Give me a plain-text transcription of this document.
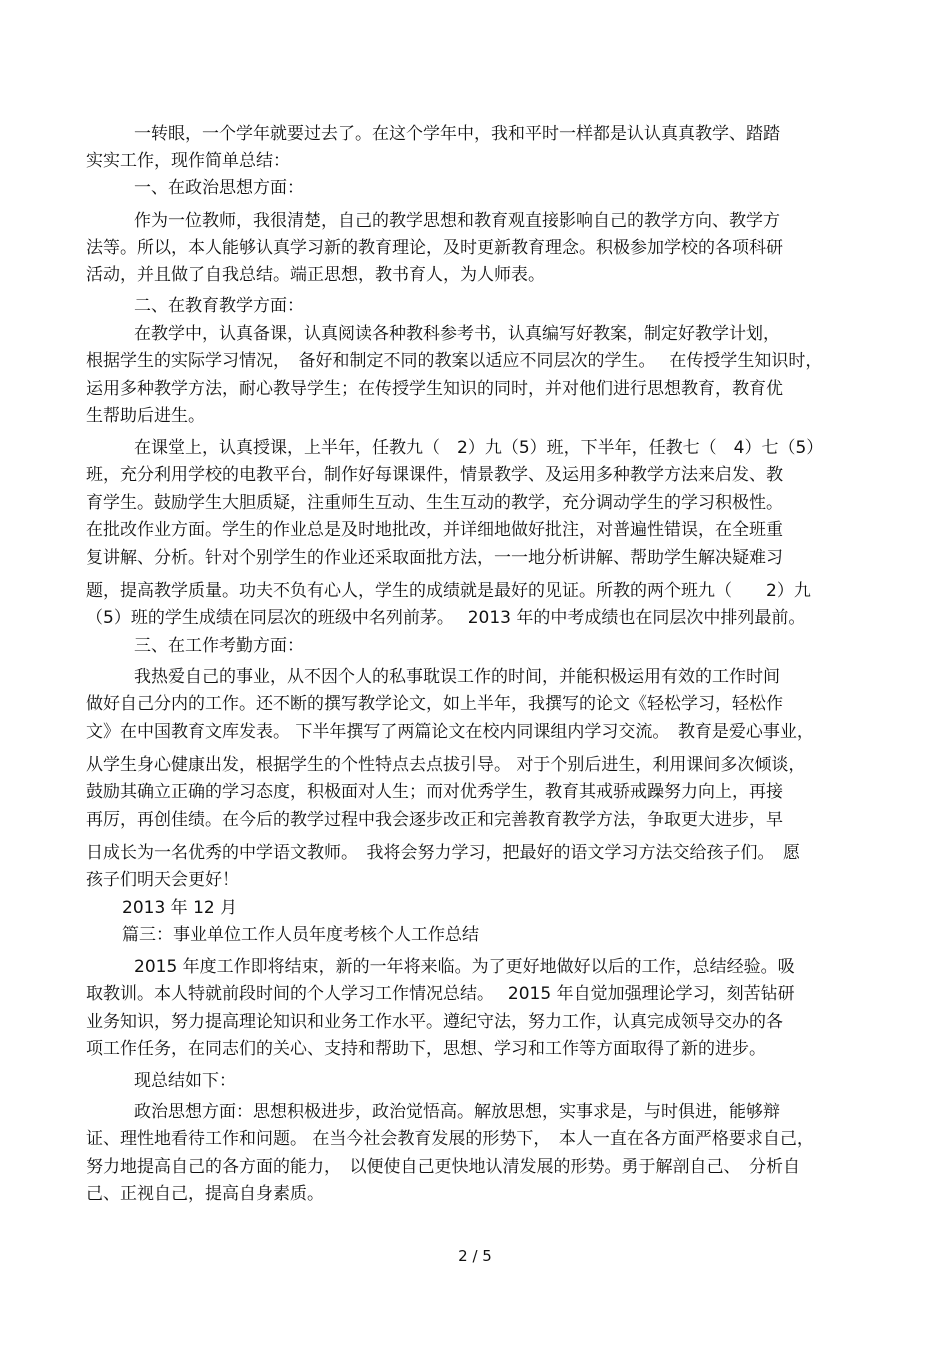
一转眼，一个学年就要过去了。在这个学年中，我和平时一样都是认认真真教学、踏踏
实实工作，现作简单总结：
一、在政治思想方面：
作为一位教师，我很清楚，自己的教学思想和教育观直接影响自己的教学方向、教学方
法等。所以，本人能够认真学习新的教育理论，及时更新教育理念。积极参加学校的各项科研
活动，并且做了自我总结。端正思想，教书育人，为人师表。
二、在教育教学方面：
在教学中，认真备课，认真阅读各种教科参考书，认真编写好教案，制定好教学计划，
根据学生的实际学习情况，　备好和制定不同的教案以适应不同层次的学生。　 在传授学生知识时，
运用多种教学方法，耐心教导学生；在传授学生知识的同时，并对他们进行思想教育，教育优
生帮助后进生。
在课堂上，认真授课，上半年，任教九（　2）九（5）班，下半年，任教七（　4）七（5）
班，充分利用学校的电教平台，制作好每课课件，情景教学、及运用多种教学方法来启发、教
育学生。鼓励学生大胆质疑，注重师生互动、生生互动的教学，充分调动学生的学习积极性。
在批改作业方面。学生的作业总是及时地批改，并详细地做好批注，对普遍性错误，在全班重
复讲解、分析。针对个别学生的作业还采取面批方法，一一地分析讲解、帮助学生解决疑难习
题，提高教学质量。功夫不负有心人，学生的成绩就是最好的见证。所教的两个班九（　　2）九
（5）班的学生成绩在同层次的班级中名列前茅。　 2013 年的中考成绩也在同层次中排列最前。
三、在工作考勤方面：
我热爱自己的事业，从不因个人的私事耽误工作的时间，并能积极运用有效的工作时间
做好自己分内的工作。还不断的撰写教学论文，如上半年，我撰写的论文《轻松学习，轻松作
文》在中国教育文库发表。 下半年撰写了两篇论文在校内同课组内学习交流。　教育是爱心事业，
从学生身心健康出发，根据学生的个性特点去点拔引导。 对于个别后进生，利用课间多次倾谈，
鼓励其确立正确的学习态度，积极面对人生；而对优秀学生，教育其戒骄戒躁努力向上，再接
再厉，再创佳绩。在今后的教学过程中我会逐步改正和完善教育教学方法，争取更大进步，早
日成长为一名优秀的中学语文教师。　我将会努力学习，把最好的语文学习方法交给孩子们。　愿
孩子们明天会更好！
2013 年 12 月
篇三：事业单位工作人员年度考核个人工作总结
2015 年度工作即将结束，新的一年将来临。为了更好地做好以后的工作，总结经验。吸
取教训。本人特就前段时间的个人学习工作情况总结。　 2015 年自觉加强理论学习，刻苦钻研
业务知识，努力提高理论知识和业务工作水平。遵纪守法，努力工作，认真完成领导交办的各
项工作任务，在同志们的关心、支持和帮助下，思想、学习和工作等方面取得了新的进步。
现总结如下：
政治思想方面：思想积极进步，政治觉悟高。解放思想，实事求是，与时俱进，能够辩
证、理性地看待工作和问题。 在当今社会教育发展的形势下，　本人一直在各方面严格要求自己，
努力地提高自己的各方面的能力，　以便使自己更快地认清发展的形势。勇于解剖自己、　分析自
己、正视自己，提高自身素质。
2 / 5
